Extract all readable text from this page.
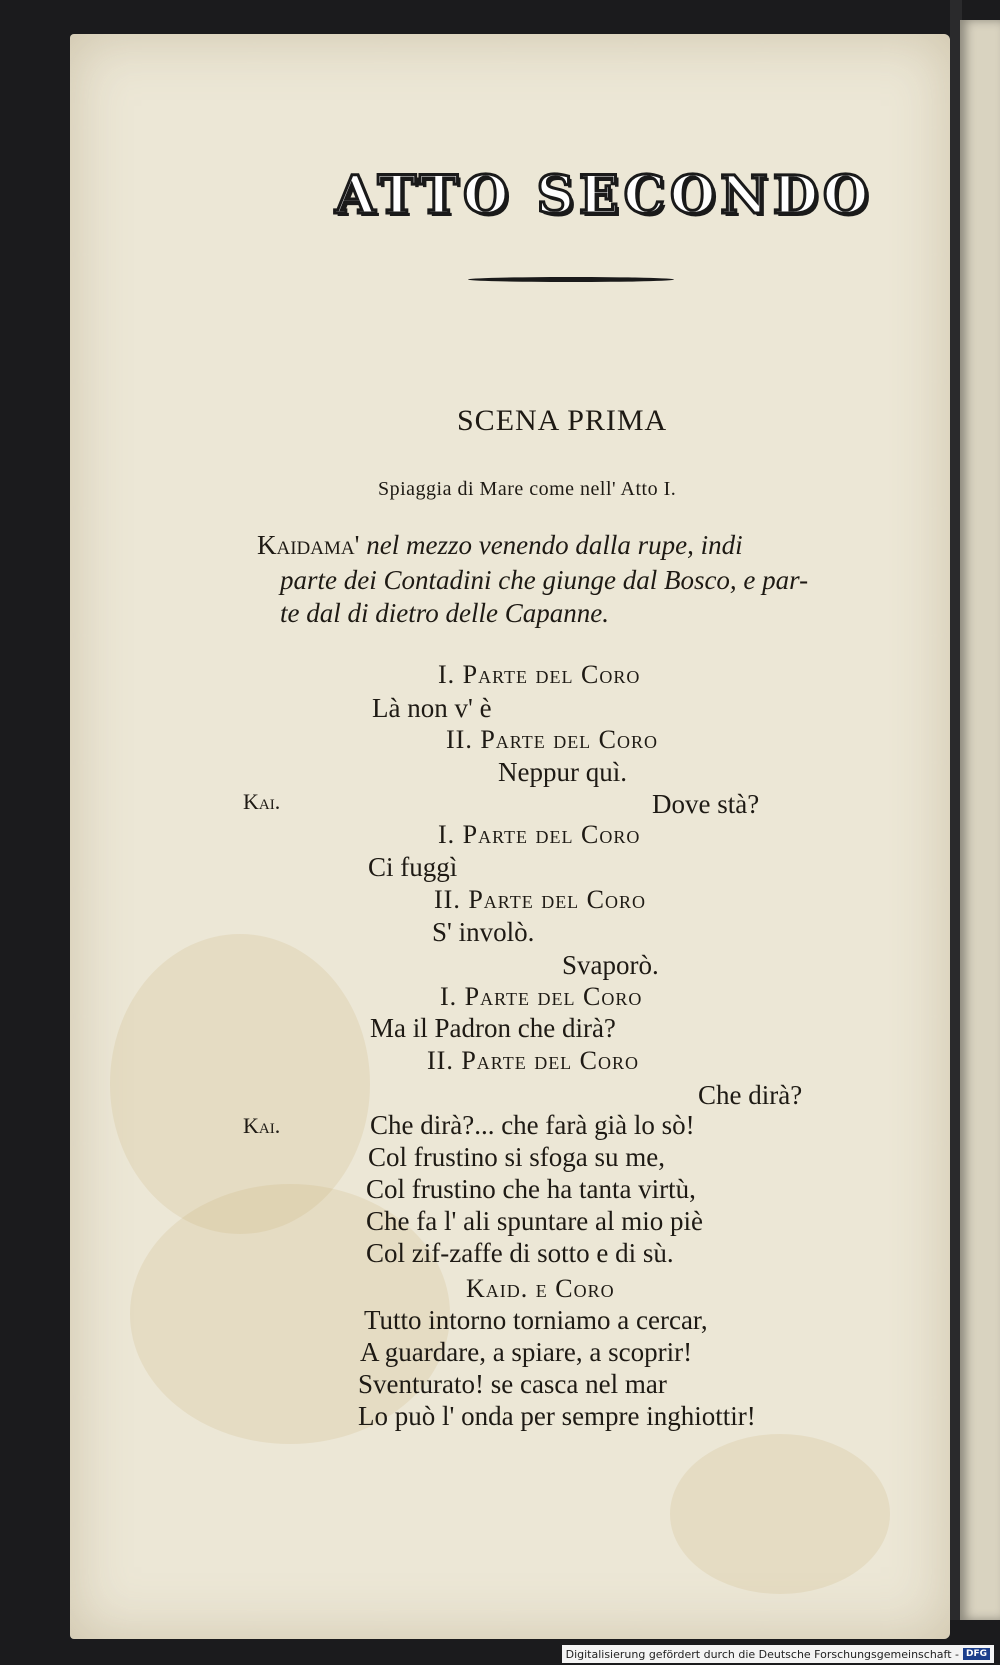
ATTO SECONDO
SCENA PRIMA
Spiaggia di Mare come nell' Atto I.
Kaidama' nel mezzo venendo dalla rupe, indi
parte dei Contadini che giunge dal Bosco, e par-
te dal di dietro delle Capanne.
I. Parte del Coro
Là non v' è
II. Parte del Coro
Neppur quì.
Kai.	Dove stà?
I. Parte del Coro
Ci fuggì
II. Parte del Coro
S' involò.
Svaporò.
I. Parte del Coro
Ma il Padron che dirà?
II. Parte del Coro
Che dirà?
Kai.	Che dirà?... che farà già lo sò!
Col frustino si sfoga su me,
Col frustino che ha tanta virtù,
Che fa l' ali spuntare al mio piè
Col zif-zaffe di sotto e di sù.
Kaid. e Coro
Tutto intorno torniamo a cercar,
A guardare, a spiare, a scoprir!
Sventurato! se casca nel mar
Lo può l' onda per sempre inghiottir!
Digitalisierung gefördert durch die Deutsche Forschungsgemeinschaft - DFG
